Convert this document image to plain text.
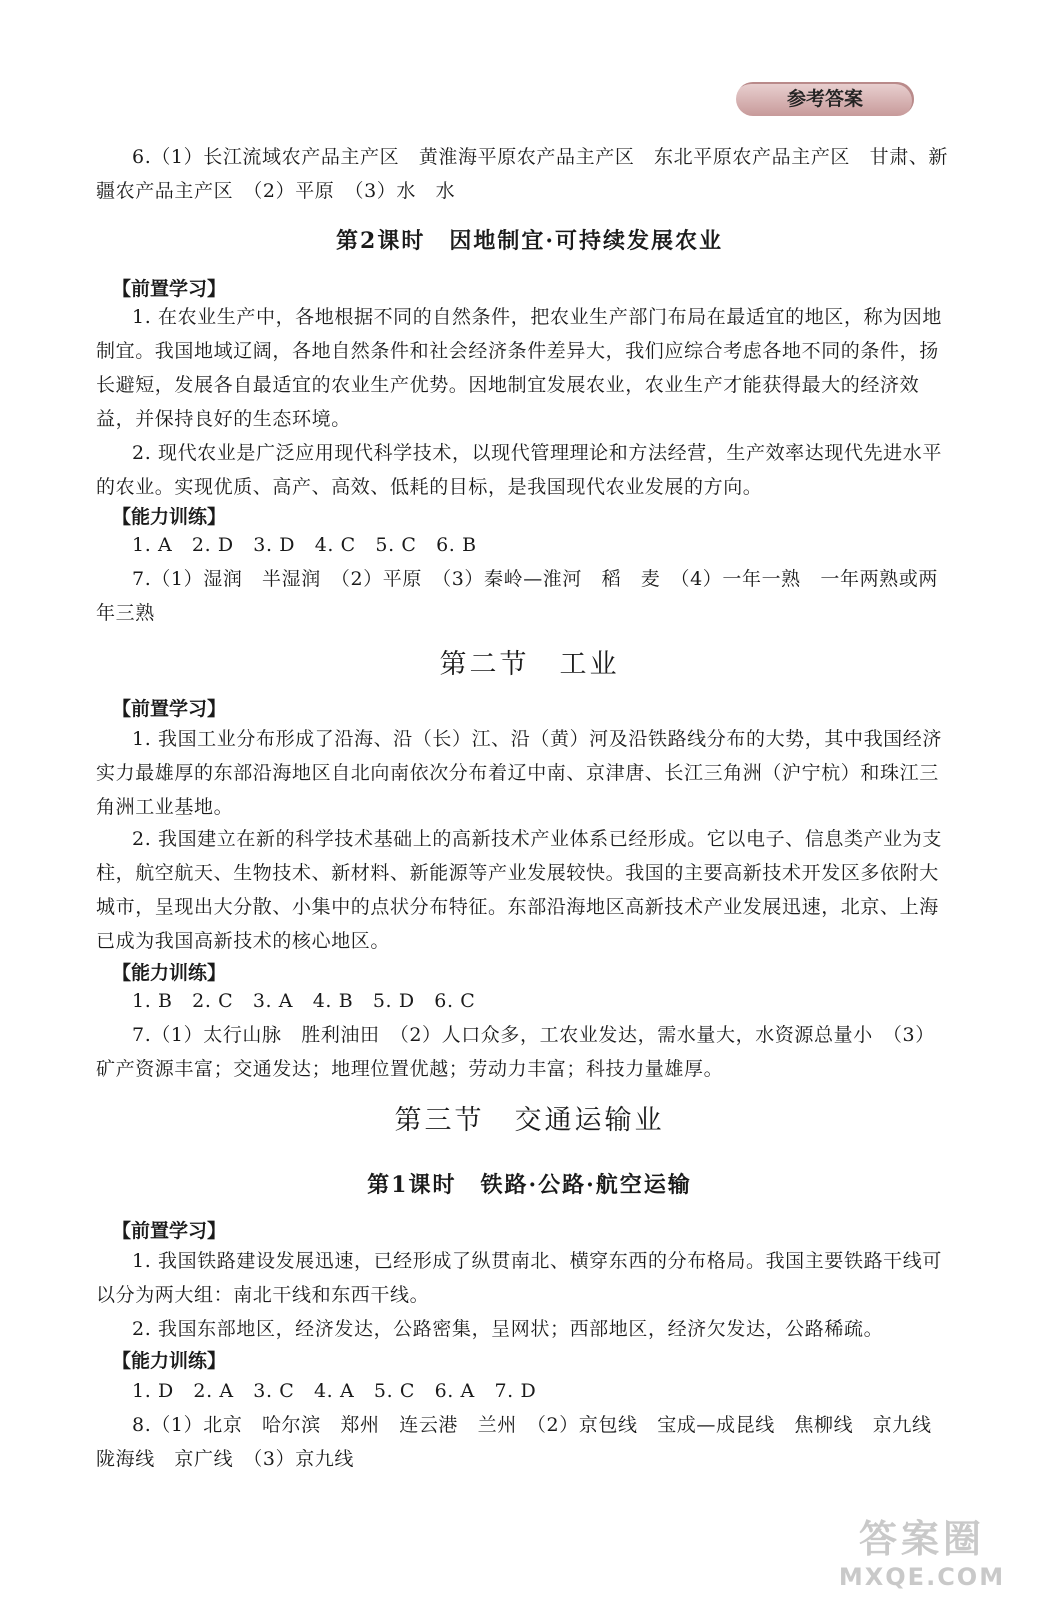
参考答案
6.（1）长江流域农产品主产区　黄淮海平原农产品主产区　东北平原农产品主产区　甘肃、新疆农产品主产区　（2）平原　（3）水　水
第2课时　因地制宜·可持续发展农业
【前置学习】
1. 在农业生产中，各地根据不同的自然条件，把农业生产部门布局在最适宜的地区，称为因地制宜。我国地域辽阔，各地自然条件和社会经济条件差异大，我们应综合考虑各地不同的条件，扬长避短，发展各自最适宜的农业生产优势。因地制宜发展农业，农业生产才能获得最大的经济效益，并保持良好的生态环境。
2. 现代农业是广泛应用现代科学技术，以现代管理理论和方法经营，生产效率达现代先进水平的农业。实现优质、高产、高效、低耗的目标，是我国现代农业发展的方向。
【能力训练】
1. A　2. D　3. D　4. C　5. C　6. B
7.（1）湿润　半湿润　（2）平原　（3）秦岭—淮河　稻　麦　（4）一年一熟　一年两熟或两年三熟
第二节　工业
【前置学习】
1. 我国工业分布形成了沿海、沿（长）江、沿（黄）河及沿铁路线分布的大势，其中我国经济实力最雄厚的东部沿海地区自北向南依次分布着辽中南、京津唐、长江三角洲（沪宁杭）和珠江三角洲工业基地。
2. 我国建立在新的科学技术基础上的高新技术产业体系已经形成。它以电子、信息类产业为支柱，航空航天、生物技术、新材料、新能源等产业发展较快。我国的主要高新技术开发区多依附大城市，呈现出大分散、小集中的点状分布特征。东部沿海地区高新技术产业发展迅速，北京、上海已成为我国高新技术的核心地区。
【能力训练】
1. B　2. C　3. A　4. B　5. D　6. C
7.（1）太行山脉　胜利油田　（2）人口众多，工农业发达，需水量大，水资源总量小　（3）矿产资源丰富；交通发达；地理位置优越；劳动力丰富；科技力量雄厚。
第三节　交通运输业
第1课时　铁路·公路·航空运输
【前置学习】
1. 我国铁路建设发展迅速，已经形成了纵贯南北、横穿东西的分布格局。我国主要铁路干线可以分为两大组：南北干线和东西干线。
2. 我国东部地区，经济发达，公路密集，呈网状；西部地区，经济欠发达，公路稀疏。
【能力训练】
1. D　2. A　3. C　4. A　5. C　6. A　7. D
8.（1）北京　哈尔滨　郑州　连云港　兰州　（2）京包线　宝成—成昆线　焦柳线　京九线　陇海线　京广线　（3）京九线
答案圈
MXQE.COM
